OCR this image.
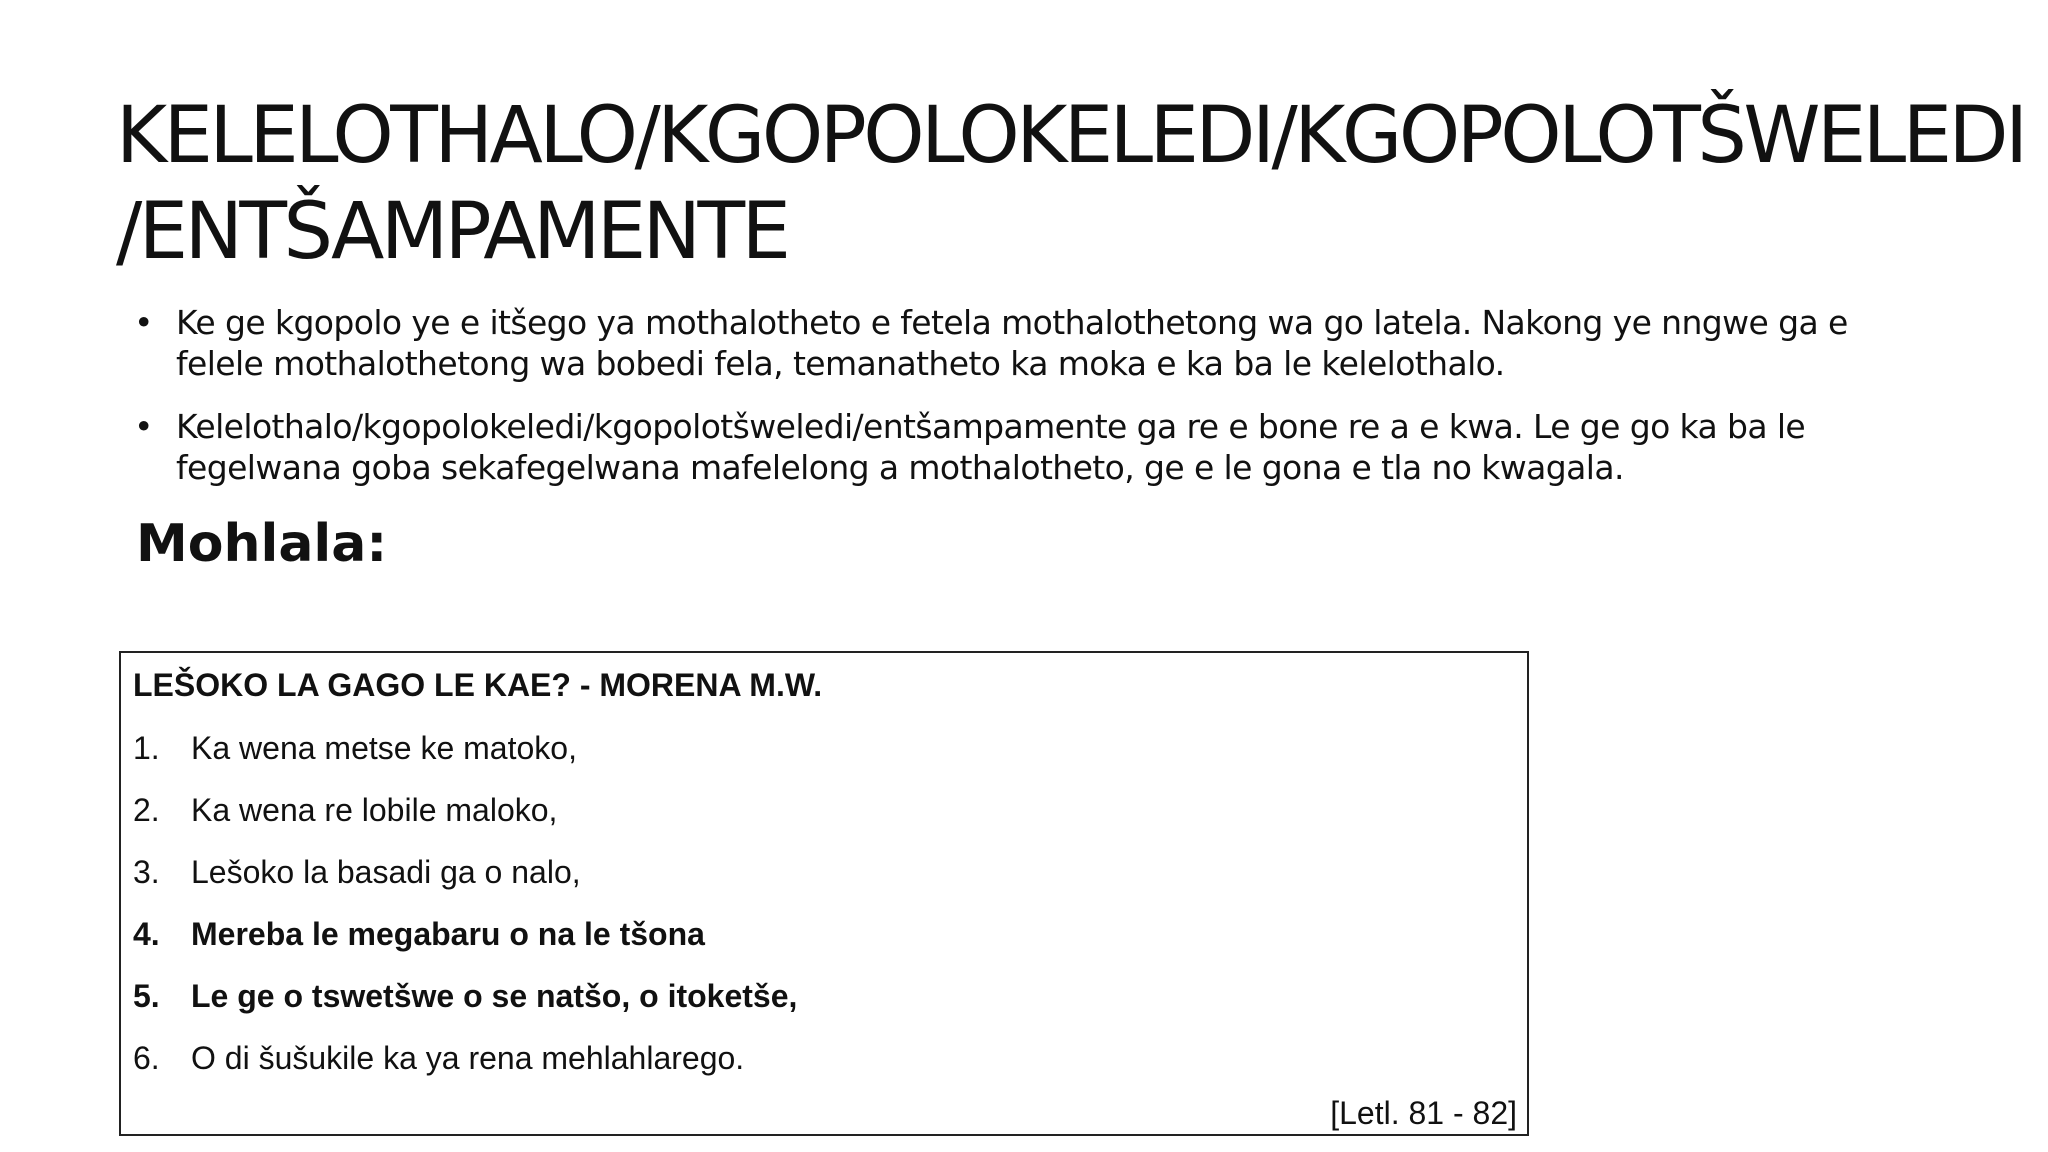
KELELOTHALO/KGOPOLOKELEDI/KGOPOLOTŠWELEDI
/ENTŠAMPAMENTE
• Ke ge kgopolo ye e itšego ya mothalotheto e fetela mothalothetong wa go latela. Nakong ye nngwe ga e felele mothalothetong wa bobedi fela, temanatheto ka moka e ka ba le kelelothalo.
• Kelelothalo/kgopolokeledi/kgopolotšweledi/entšampamente ga re e bone re a e kwa. Le ge go ka ba le fegelwana goba sekafegelwana mafelelong a mothalotheto, ge e le gona e tla no kwagala.
Mohlala:
LEŠOKO LA GAGO LE KAE? - MORENA M.W.
1. Ka wena metse ke matoko,
2. Ka wena re lobile maloko,
3. Lešoko la basadi ga o nalo,
4. Mereba le megabaru o na le tšona
5. Le ge o tswetšwe o se natšo, o itoketše,
6. O di šušukile ka ya rena mehlahlarego.
[Letl. 81 - 82]
